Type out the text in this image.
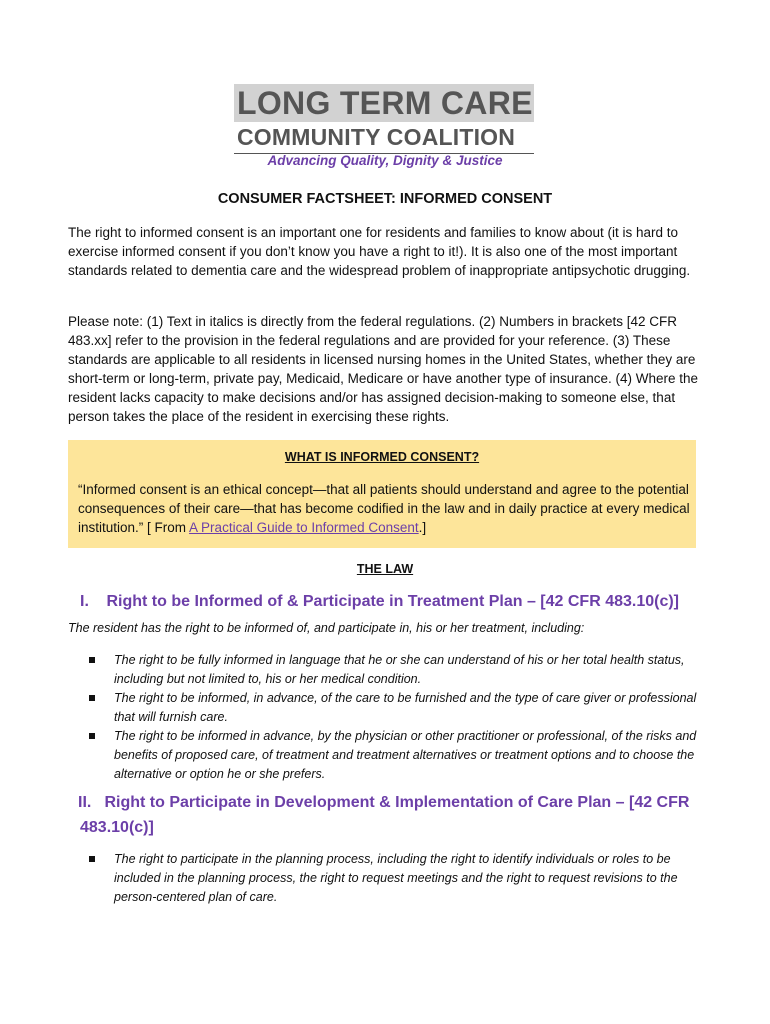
LONG TERM CARE
COMMUNITY COALITION
Advancing Quality, Dignity & Justice
CONSUMER FACTSHEET: INFORMED CONSENT

The right to informed consent is an important one for residents and families to know about (it is hard to exercise informed consent if you don’t know you have a right to it!). It is also one of the most important standards related to dementia care and the widespread problem of inappropriate antipsychotic drugging.

Please note: (1) Text in italics is directly from the federal regulations. (2) Numbers in brackets [42 CFR 483.xx] refer to the provision in the federal regulations and are provided for your reference. (3) These standards are applicable to all residents in licensed nursing homes in the United States, whether they are short-term or long-term, private pay, Medicaid, Medicare or have another type of insurance. (4) Where the resident lacks capacity to make decisions and/or has assigned decision-making to someone else, that person takes the place of the resident in exercising these rights.

WHAT IS INFORMED CONSENT?

“Informed consent is an ethical concept—that all patients should understand and agree to the potential consequences of their care—that has become codified in the law and in daily practice at every medical institution.” [ From A Practical Guide to Informed Consent.]

THE LAW
I. Right to be Informed of & Participate in Treatment Plan – [42 CFR 483.10(c)]

The resident has the right to be informed of, and participate in, his or her treatment, including:

The right to be fully informed in language that he or she can understand of his or her total health status, including but not limited to, his or her medical condition.
The right to be informed, in advance, of the care to be furnished and the type of care giver or professional that will furnish care.
The right to be informed in advance, by the physician or other practitioner or professional, of the risks and benefits of proposed care, of treatment and treatment alternatives or treatment options and to choose the alternative or option he or she prefers.
II. Right to Participate in Development & Implementation of Care Plan – [42 CFR 483.10(c)]
The right to participate in the planning process, including the right to identify individuals or roles to be included in the planning process, the right to request meetings and the right to request revisions to the person-centered plan of care.
